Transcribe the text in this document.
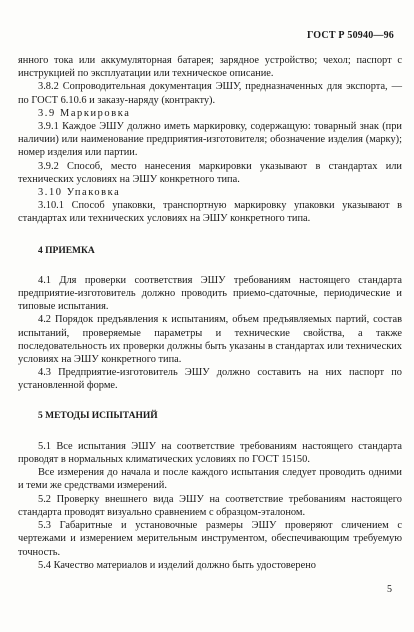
ГОСТ Р 50940—96

янного тока или аккумуляторная батарея; зарядное устройство; чехол; паспорт с инструкцией по эксплуатации или техническое описание.

3.8.2 Сопроводительная документация ЭШУ, предназначенных для экспорта, — по ГОСТ 6.10.6 и заказу-наряду (контракту).

3.9 Маркировка

3.9.1 Каждое ЭШУ должно иметь маркировку, содержащую: товарный знак (при наличии) или наименование предприятия-изготовителя; обозначение изделия (марку); номер изделия или партии.

3.9.2 Способ, место нанесения маркировки указывают в стандартах или технических условиях на ЭШУ конкретного типа.

3.10 Упаковка

3.10.1 Способ упаковки, транспортную маркировку упаковки указывают в стандартах или технических условиях на ЭШУ конкретного типа.

4 ПРИЕМКА

4.1 Для проверки соответствия ЭШУ требованиям настоящего стандарта предприятие-изготовитель должно проводить приемо-сдаточные, периодические и типовые испытания.

4.2 Порядок предъявления к испытаниям, объем предъявляемых партий, состав испытаний, проверяемые параметры и технические свойства, а также последовательность их проверки должны быть указаны в стандартах или технических условиях на ЭШУ конкретного типа.

4.3 Предприятие-изготовитель ЭШУ должно составить на них паспорт по установленной форме.

5 МЕТОДЫ ИСПЫТАНИЙ

5.1 Все испытания ЭШУ на соответствие требованиям настоящего стандарта проводят в нормальных климатических условиях по ГОСТ 15150.

Все измерения до начала и после каждого испытания следует проводить одними и теми же средствами измерений.

5.2 Проверку внешнего вида ЭШУ на соответствие требованиям настоящего стандарта проводят визуально сравнением с образцом-эталоном.

5.3 Габаритные и установочные размеры ЭШУ проверяют сличением с чертежами и измерением мерительным инструментом, обеспечивающим требуемую точность.

5.4 Качество материалов и изделий должно быть удостоверено

5
